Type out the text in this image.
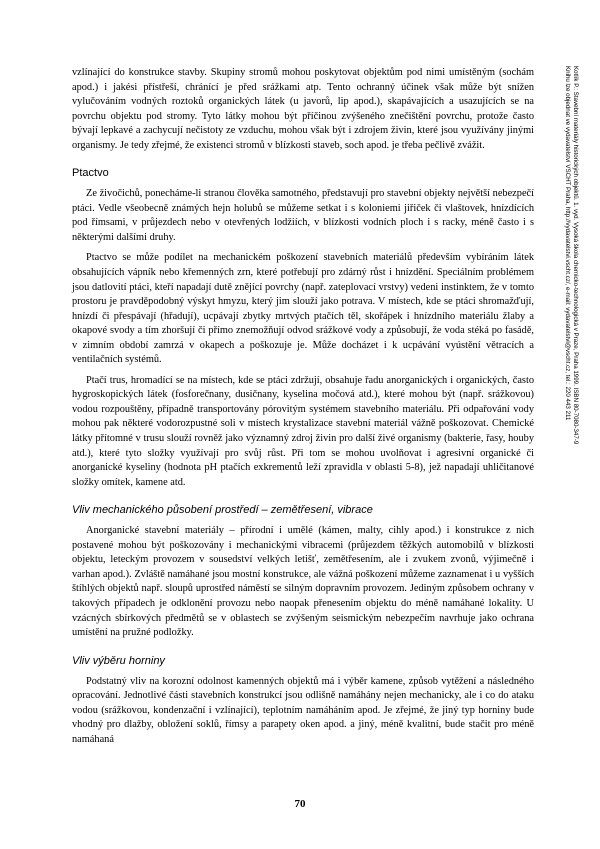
vzlínající do konstrukce stavby. Skupiny stromů mohou poskytovat objektům pod nimi umístěným (sochám apod.) i jakési přístřeší, chránící je před srážkami atp. Tento ochranný účinek však může být snížen vylučováním vodných roztoků organických látek (u javorů, lip apod.), skapávajících a usazujících se na povrchu objektu pod stromy. Tyto látky mohou být příčinou zvýšeného znečištění povrchu, protože často bývají lepkavé a zachycují nečistoty ze vzduchu, mohou však být i zdrojem živin, které jsou využívány jinými organismy. Je tedy zřejmé, že existenci stromů v blízkosti staveb, soch apod. je třeba pečlivě zvážit.

Ptactvo

Ze živočichů, ponecháme-li stranou člověka samotného, představují pro stavební objekty největší nebezpečí ptáci. Vedle všeobecně známých hejn holubů se můžeme setkat i s koloniemi jiřiček či vlaštovek, hnízdících pod římsami, v průjezdech nebo v otevřených lodžiích, v blízkosti vodních ploch i s racky, méně často i s některými dalšími druhy.

Ptactvo se může podílet na mechanickém poškození stavebních materiálů především vybíráním látek obsahujících vápník nebo křemenných zrn, které potřebují pro zdárný růst i hnízdění. Speciálním problémem jsou datlovití ptáci, kteří napadají dutě znějící povrchy (např. zateplovací vrstvy) vedeni instinktem, že v tomto prostoru je pravděpodobný výskyt hmyzu, který jim slouží jako potrava. V místech, kde se ptáci shromažďují, hnízdí či přespávají (hřadují), ucpávají zbytky mrtvých ptačích těl, skořápek i hnízdního materiálu žlaby a okapové svody a tím zhoršují či přímo znemožňují odvod srážkové vody a způsobují, že voda stéká po fasádě, v zimním období zamrzá v okapech a poškozuje je. Může docházet i k ucpávání vyústění větracích a ventilačních systémů.

Ptačí trus, hromadící se na místech, kde se ptáci zdržují, obsahuje řadu anorganických i organických, často hygroskopických látek (fosforečnany, dusičnany, kyselina močová atd.), které mohou být (např. srážkovou) vodou rozpouštěny, případně transportovány pórovitým systémem stavebního materiálu. Při odpařování vody mohou pak některé vodorozpustné soli v místech krystalizace stavební materiál vážně poškozovat. Chemické látky přítomné v trusu slouží rovněž jako významný zdroj živin pro další živé organismy (bakterie, řasy, houby atd.), které tyto složky využívají pro svůj růst. Při tom se mohou uvolňovat i agresivní organické či anorganické kyseliny (hodnota pH ptačích exkrementů leží zpravidla v oblasti 5-8), jež napadají uhličitanové složky omítek, kamene atd.

Vliv mechanického působení prostředí – zemětřesení, vibrace

Anorganické stavební materiály – přírodní i umělé (kámen, malty, cihly apod.) i konstrukce z nich postavené mohou být poškozovány i mechanickými vibracemi (průjezdem těžkých automobilů v blízkosti objektu, leteckým provozem v sousedství velkých letišť, zemětřesením, ale i zvukem zvonů, výjimečně i varhan apod.). Zvláště namáhané jsou mostní konstrukce, ale vážná poškození můžeme zaznamenat i u vyšších štíhlých objektů např. sloupů uprostřed náměstí se silným dopravním provozem. Jediným způsobem ochrany v takových případech je odklonění provozu nebo naopak přenesením objektu do méně namáhané lokality. U vzácných sbírkových předmětů se v oblastech se zvýšeným seismickým nebezpečím navrhuje jako ochrana umístění na pružné podložky.

Vliv výběru horniny

Podstatný vliv na korozní odolnost kamenných objektů má i výběr kamene, způsob vytěžení a následného opracování. Jednotlivé části stavebních konstrukcí jsou odlišně namáhány nejen mechanicky, ale i co do ataku vodou (srážkovou, kondenzační i vzlínající), teplotním namáháním apod. Je zřejmé, že jiný typ horniny bude vhodný pro dlažby, obložení soklů, římsy a parapety oken apod. a jiný, méně kvalitní, bude stačit pro méně namáhaná

Kotlík P.: Stavební materiály historických objektů. 1. vyd. Vysoká škola chemicko-technologická v Praze, Praha 1999. ISBN 80-7080-347-9
Knihu lze objednat ve vydavatelství VŠCHT Praha, http://vydavatelstvi.vscht.cz/, e-mail: vydavatelstvi@vscht.cz, tel.: 220 443 211
70
